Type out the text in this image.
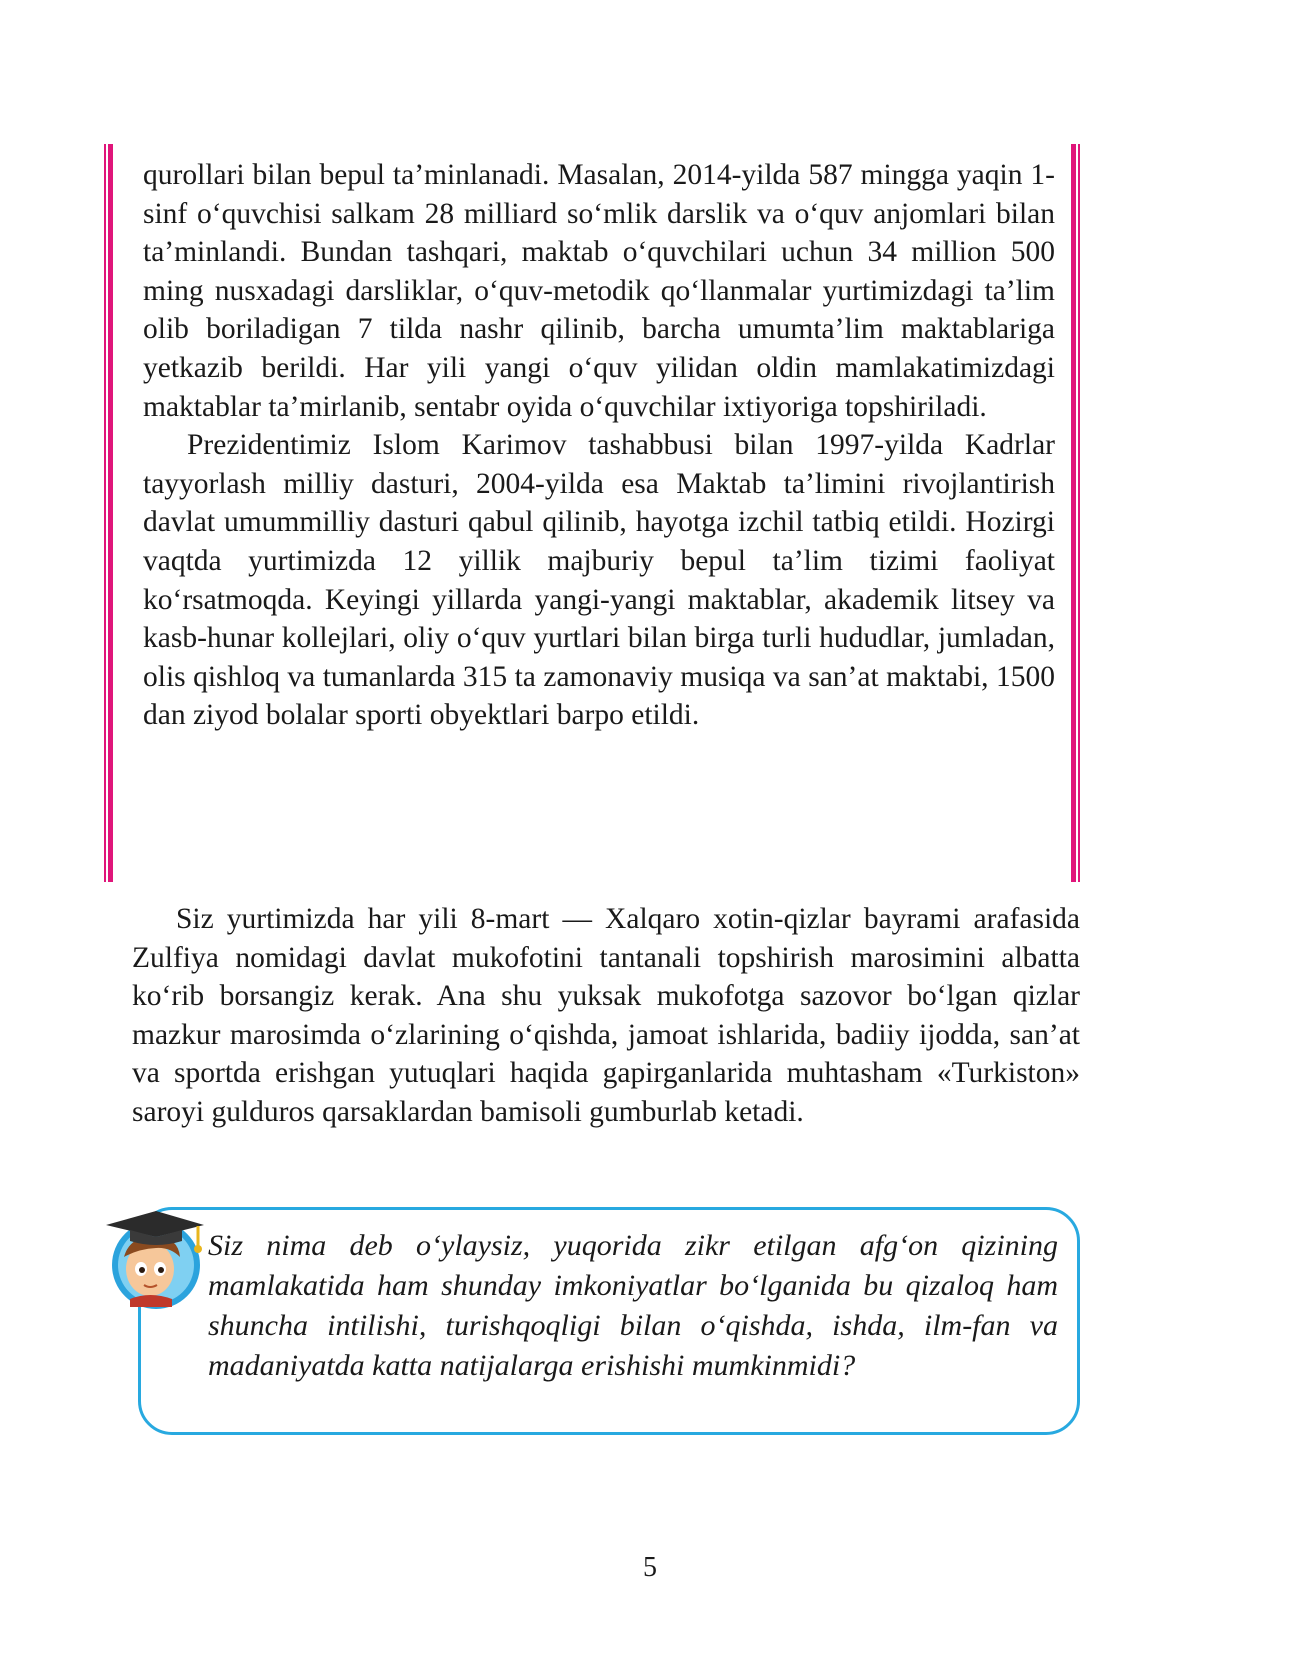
qurollari bilan bepul ta’minlanadi. Masalan, 2014-yilda 587 mingga yaqin 1-sinf o‘quvchisi salkam 28 milliard so‘mlik darslik va o‘quv anjomlari bilan ta’minlandi. Bundan tashqari, maktab o‘quvchilari uchun 34 million 500 ming nusxadagi darsliklar, o‘quv-metodik qo‘llanmalar yurtimizdagi ta’lim olib boriladigan 7 tilda nashr qilinib, barcha umumta’lim maktablariga yetkazib berildi. Har yili yangi o‘quv yilidan oldin mamlakatimizdagi maktablar ta’mirlanib, sentabr oyida o‘quvchilar ixtiyoriga topshiriladi.

Prezidentimiz Islom Karimov tashabbusi bilan 1997-yilda Kadrlar tayyorlash milliy dasturi, 2004-yilda esa Maktab ta’limini rivojlantirish davlat umummilliy dasturi qabul qilinib, hayotga izchil tatbiq etildi. Hozirgi vaqtda yurtimizda 12 yillik majburiy bepul ta’lim tizimi faoliyat ko‘rsatmoqda. Keyingi yillarda yangi-yangi maktablar, akademik litsey va kasb-hunar kollejlari, oliy o‘quv yurtlari bilan birga turli hududlar, jumladan, olis qishloq va tumanlarda 315 ta zamonaviy musiqa va san’at maktabi, 1500 dan ziyod bolalar sporti obyektlari barpo etildi.

Siz yurtimizda har yili 8-mart — Xalqaro xotin-qizlar bayrami arafasida Zulfiya nomidagi davlat mukofotini tantanali topshirish marosimini albatta ko‘rib borsangiz kerak. Ana shu yuksak mukofotga sazovor bo‘lgan qizlar mazkur marosimda o‘zlarining o‘qishda, jamoat ishlarida, badiiy ijodda, san’at va sportda erishgan yutuqlari haqida gapirganlarida muhtasham «Turkiston» saroyi gulduros qarsaklardan bamisoli gumburlab ketadi.

Siz nima deb o‘ylaysiz, yuqorida zikr etilgan afg‘on qizining mamlakatida ham shunday imkoniyatlar bo‘lganida bu qizaloq ham shuncha intilishi, turishqoqligi bilan o‘qishda, ishda, ilm-fan va madaniyatda katta natijalarga erishishi mumkinmidi?

5
